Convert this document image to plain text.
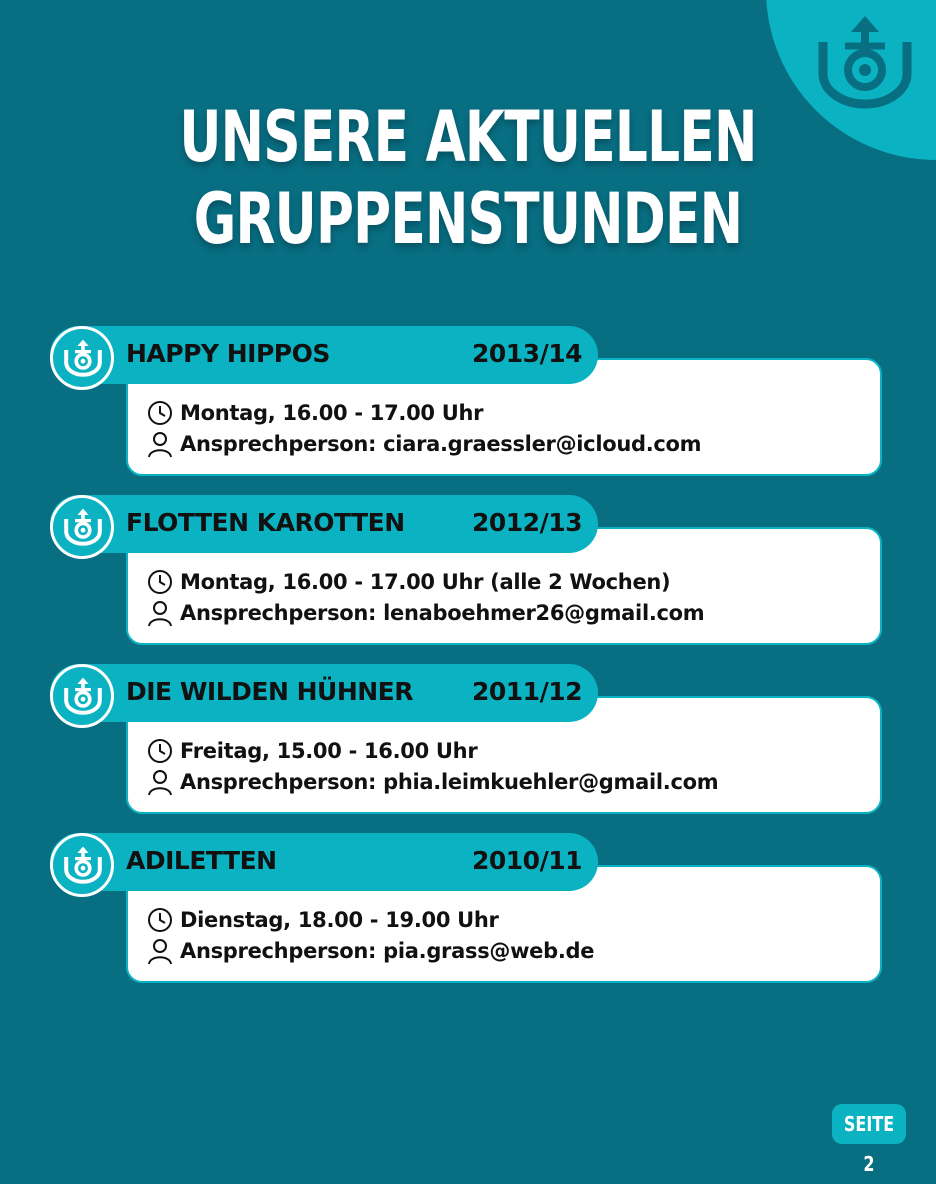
UNSERE AKTUELLEN
GRUPPENSTUNDEN
HAPPY HIPPOS	2013/14
Montag, 16.00 - 17.00 Uhr
Ansprechperson: ciara.graessler@icloud.com
FLOTTEN KAROTTEN	2012/13
Montag, 16.00 - 17.00 Uhr (alle 2 Wochen)
Ansprechperson: lenaboehmer26@gmail.com
DIE WILDEN HÜHNER 2011/12
Freitag, 15.00 - 16.00 Uhr
Ansprechperson: phia.leimkuehler@gmail.com
ADILETTEN	2010/11
Dienstag, 18.00 - 19.00 Uhr
Ansprechperson: pia.grass@web.de
SEITE 2
